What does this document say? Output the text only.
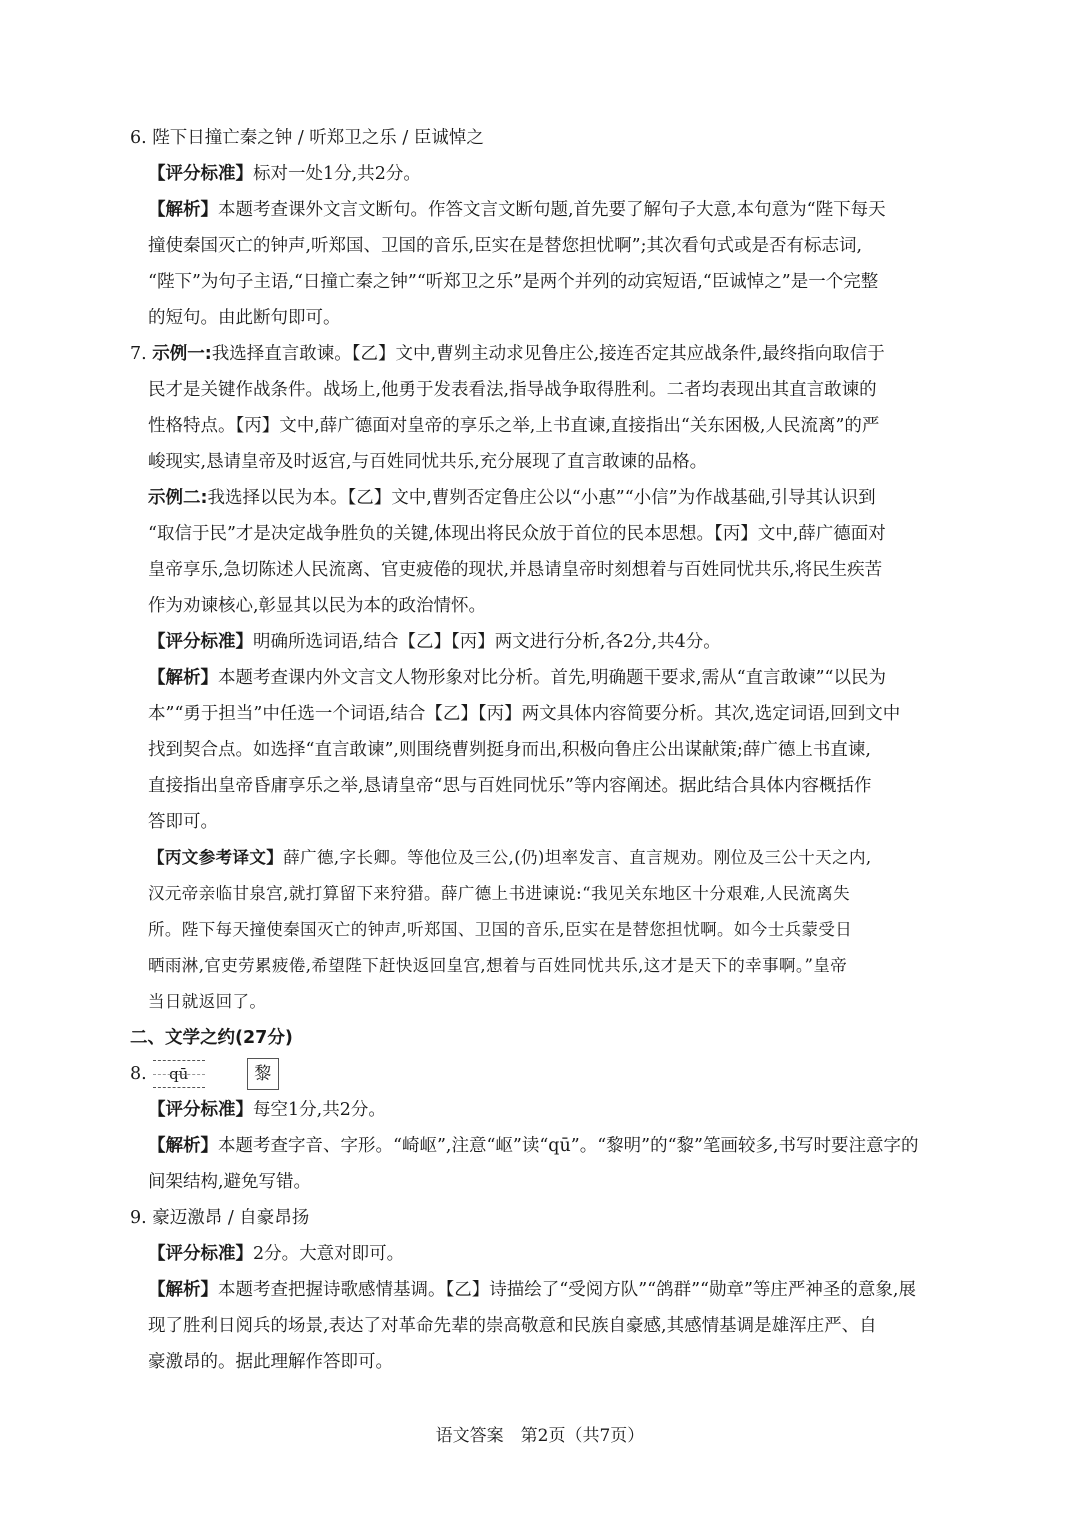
6. 陛下日撞亡秦之钟 / 听郑卫之乐 / 臣诚悼之

【评分标准】标对一处1分,共2分。

【解析】本题考查课外文言文断句。作答文言文断句题,首先要了解句子大意,本句意为“陛下每天
撞使秦国灭亡的钟声,听郑国、卫国的音乐,臣实在是替您担忧啊”;其次看句式或是否有标志词,
“陛下”为句子主语,“日撞亡秦之钟”“听郑卫之乐”是两个并列的动宾短语,“臣诚悼之”是一个完整
的短句。由此断句即可。

7. 示例一:我选择直言敢谏。【乙】文中,曹刿主动求见鲁庄公,接连否定其应战条件,最终指向取信于
民才是关键作战条件。战场上,他勇于发表看法,指导战争取得胜利。二者均表现出其直言敢谏的
性格特点。【丙】文中,薛广德面对皇帝的享乐之举,上书直谏,直接指出“关东困极,人民流离”的严
峻现实,恳请皇帝及时返宫,与百姓同忧共乐,充分展现了直言敢谏的品格。

示例二:我选择以民为本。【乙】文中,曹刿否定鲁庄公以“小惠”“小信”为作战基础,引导其认识到
“取信于民”才是决定战争胜负的关键,体现出将民众放于首位的民本思想。【丙】文中,薛广德面对
皇帝享乐,急切陈述人民流离、官吏疲倦的现状,并恳请皇帝时刻想着与百姓同忧共乐,将民生疾苦
作为劝谏核心,彰显其以民为本的政治情怀。

【评分标准】明确所选词语,结合【乙】【丙】两文进行分析,各2分,共4分。

【解析】本题考查课内外文言文人物形象对比分析。首先,明确题干要求,需从“直言敢谏”“以民为
本”“勇于担当”中任选一个词语,结合【乙】【丙】两文具体内容简要分析。其次,选定词语,回到文中
找到契合点。如选择“直言敢谏”,则围绕曹刿挺身而出,积极向鲁庄公出谋献策;薛广德上书直谏,
直接指出皇帝昏庸享乐之举,恳请皇帝“思与百姓同忧乐”等内容阐述。据此结合具体内容概括作
答即可。

【丙文参考译文】薛广德,字长卿。等他位及三公,(仍)坦率发言、直言规劝。刚位及三公十天之内,
汉元帝亲临甘泉宫,就打算留下来狩猎。薛广德上书进谏说:“我见关东地区十分艰难,人民流离失
所。陛下每天撞使秦国灭亡的钟声,听郑国、卫国的音乐,臣实在是替您担忧啊。如今士兵蒙受日
晒雨淋,官吏劳累疲倦,希望陛下赶快返回皇宫,想着与百姓同忧共乐,这才是天下的幸事啊。”皇帝
当日就返回了。

二、文学之约(27分)

8.	qū	黎

【评分标准】每空1分,共2分。

【解析】本题考查字音、字形。“崎岖”,注意“岖”读“qū”。“黎明”的“黎”笔画较多,书写时要注意字的
间架结构,避免写错。

9. 豪迈激昂 / 自豪昂扬

【评分标准】2分。大意对即可。

【解析】本题考查把握诗歌感情基调。【乙】诗描绘了“受阅方队”“鸽群”“勋章”等庄严神圣的意象,展
现了胜利日阅兵的场景,表达了对革命先辈的崇高敬意和民族自豪感,其感情基调是雄浑庄严、自
豪激昂的。据此理解作答即可。

语文答案　第2页（共7页）
